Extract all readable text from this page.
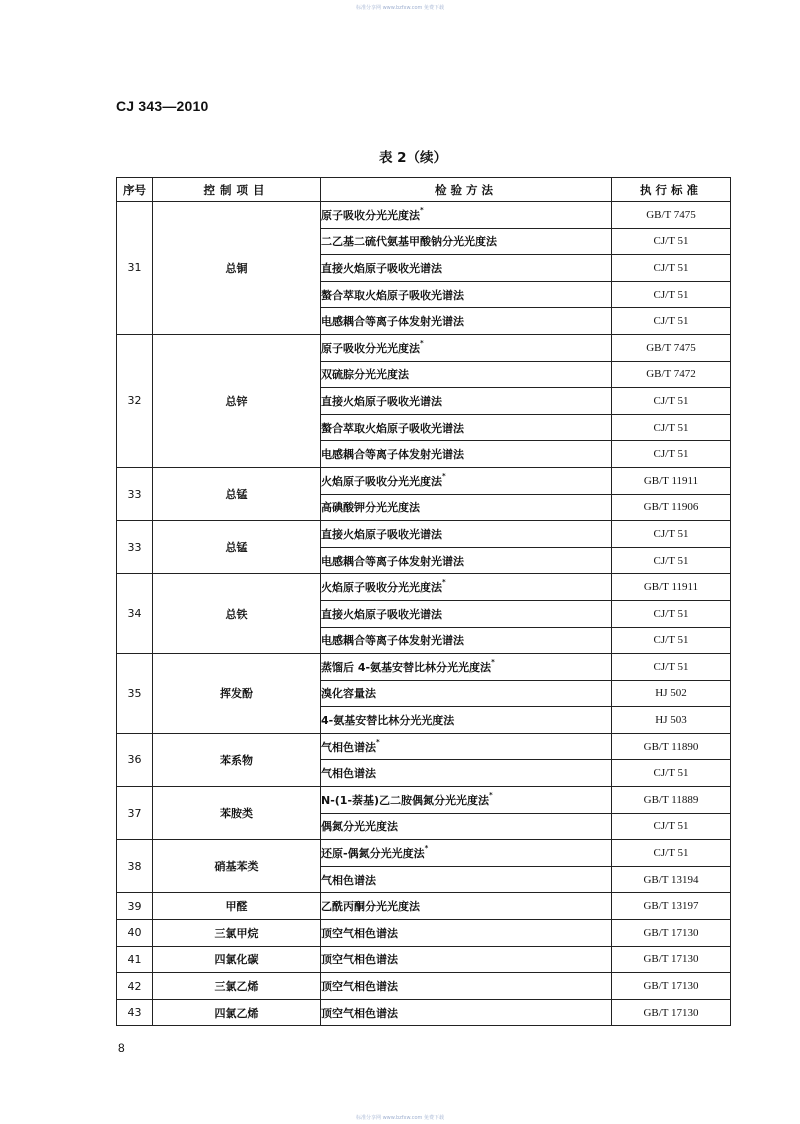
标准分享网 www.bzfxw.com 免费下载
CJ 343—2010
表 2（续）
序号	控制项目	检验方法	执行标准
31	总铜	原子吸收分光光度法*	GB/T 7475
		二乙基二硫代氨基甲酸钠分光光度法	CJ/T 51
		直接火焰原子吸收光谱法	CJ/T 51
		螯合萃取火焰原子吸收光谱法	CJ/T 51
		电感耦合等离子体发射光谱法	CJ/T 51
32	总锌	原子吸收分光光度法*	GB/T 7475
		双硫腙分光光度法	GB/T 7472
		直接火焰原子吸收光谱法	CJ/T 51
		螯合萃取火焰原子吸收光谱法	CJ/T 51
		电感耦合等离子体发射光谱法	CJ/T 51
33	总锰	火焰原子吸收分光光度法*	GB/T 11911
		高碘酸钾分光光度法	GB/T 11906
33	总锰	直接火焰原子吸收光谱法	CJ/T 51
		电感耦合等离子体发射光谱法	CJ/T 51
34	总铁	火焰原子吸收分光光度法*	GB/T 11911
		直接火焰原子吸收光谱法	CJ/T 51
		电感耦合等离子体发射光谱法	CJ/T 51
35	挥发酚	蒸馏后 4-氨基安替比林分光光度法*	CJ/T 51
		溴化容量法	HJ 502
		4-氨基安替比林分光光度法	HJ 503
36	苯系物	气相色谱法*	GB/T 11890
		气相色谱法	CJ/T 51
37	苯胺类	N-(1-萘基)乙二胺偶氮分光光度法*	GB/T 11889
		偶氮分光光度法	CJ/T 51
38	硝基苯类	还原-偶氮分光光度法*	CJ/T 51
		气相色谱法	GB/T 13194
39	甲醛	乙酰丙酮分光光度法	GB/T 13197
40	三氯甲烷	顶空气相色谱法	GB/T 17130
41	四氯化碳	顶空气相色谱法	GB/T 17130
42	三氯乙烯	顶空气相色谱法	GB/T 17130
43	四氯乙烯	顶空气相色谱法	GB/T 17130
8
标准分享网 www.bzfxw.com 免费下载
